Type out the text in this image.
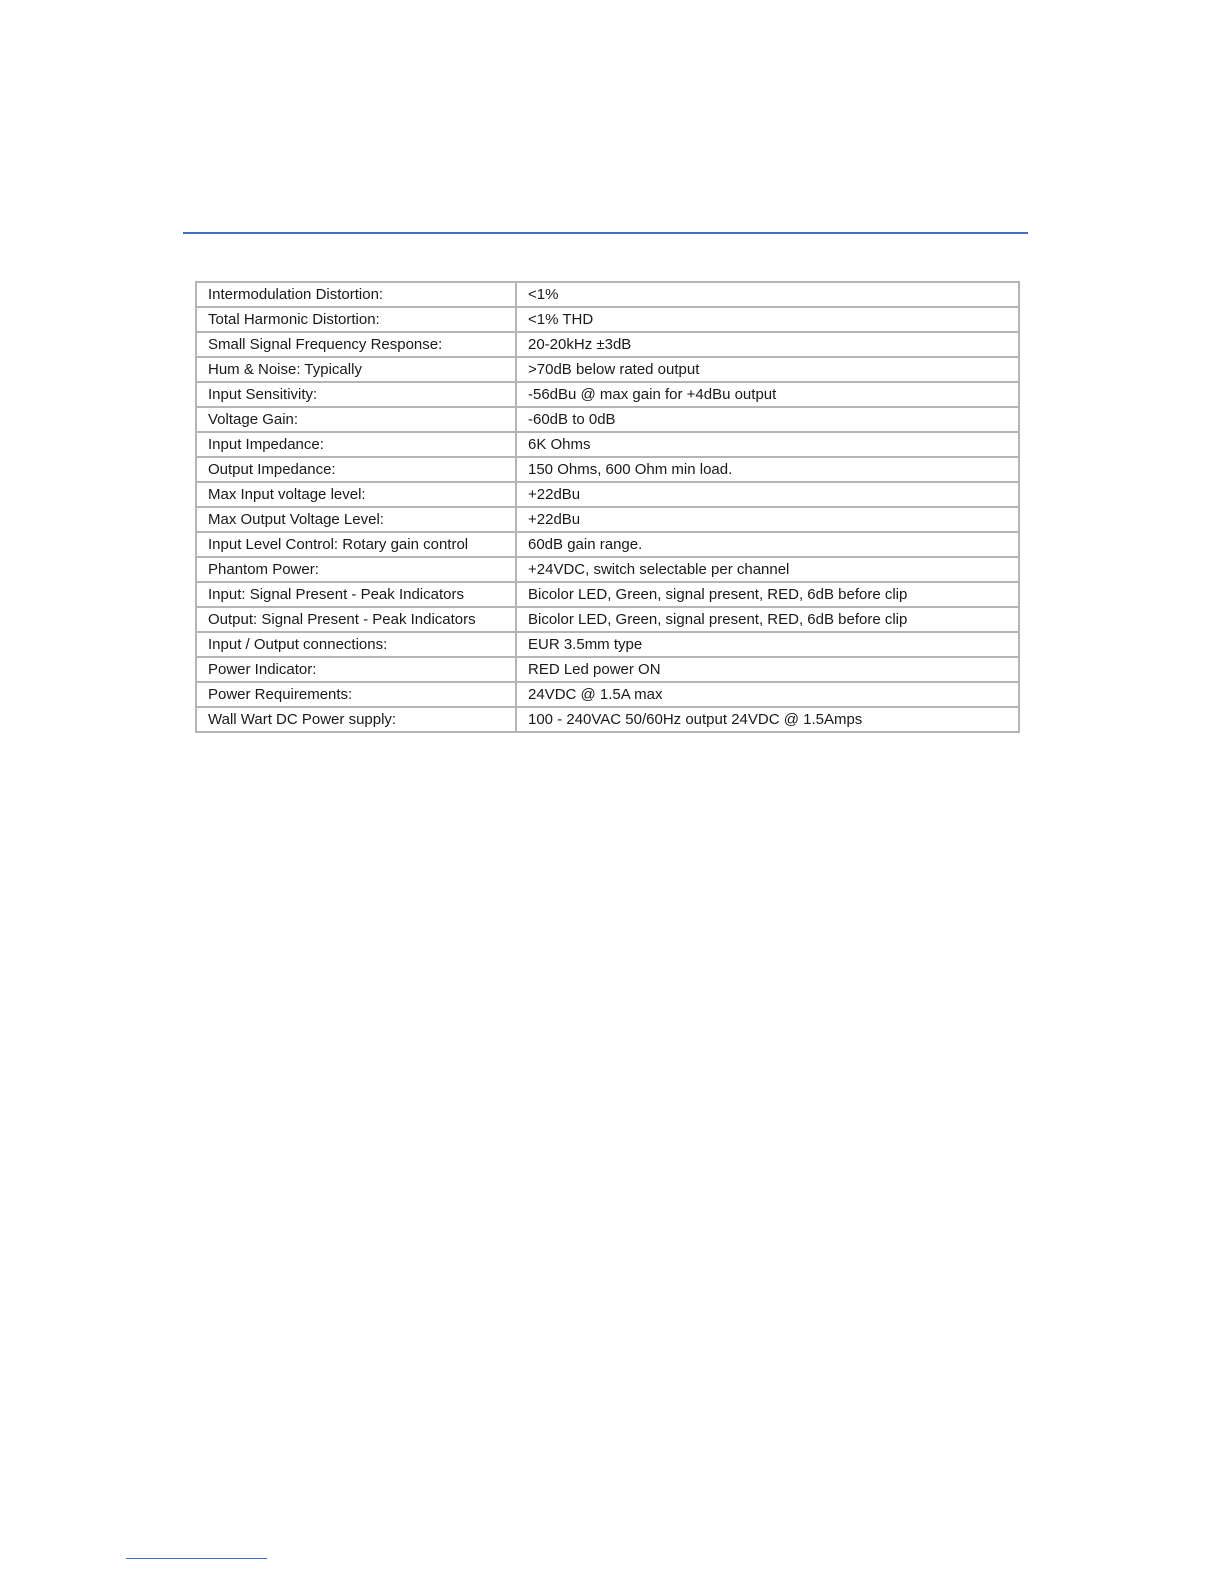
Intermodulation Distortion:	<1%
Total Harmonic Distortion:	<1% THD
Small Signal Frequency Response:	20-20kHz ±3dB
Hum & Noise: Typically	>70dB below rated output
Input Sensitivity:	-56dBu @ max gain for +4dBu output
Voltage Gain:	-60dB to 0dB
Input Impedance:	6K Ohms
Output Impedance:	150 Ohms, 600 Ohm min load.
Max Input voltage level:	+22dBu
Max Output Voltage Level:	+22dBu
Input Level Control: Rotary gain control	60dB gain range.
Phantom Power:	+24VDC, switch selectable per channel
Input: Signal Present - Peak Indicators	Bicolor LED, Green, signal present, RED, 6dB before clip
Output: Signal Present - Peak Indicators	Bicolor LED, Green, signal present, RED, 6dB before clip
Input / Output connections:	EUR 3.5mm type
Power Indicator:	RED Led power ON
Power Requirements:	24VDC @ 1.5A max
Wall Wart DC Power supply:	100 - 240VAC 50/60Hz output 24VDC @ 1.5Amps
